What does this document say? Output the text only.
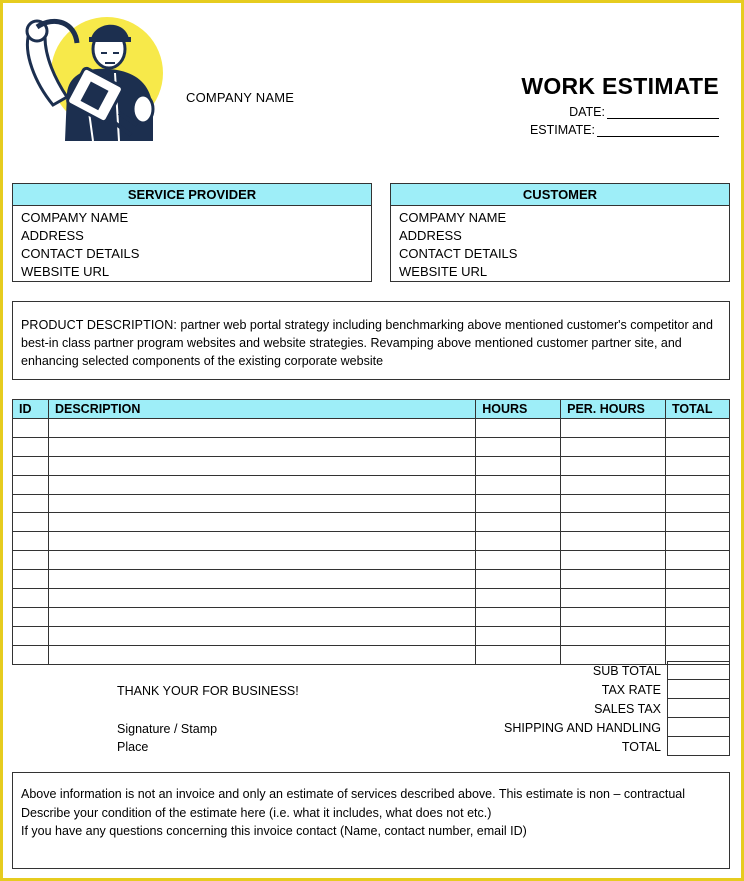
COMPANY NAME	WORK ESTIMATE
DATE:
ESTIMATE:
SERVICE PROVIDER
COMPAMY NAME
ADDRESS
CONTACT DETAILS
WEBSITE URL
CUSTOMER
COMPAMY NAME
ADDRESS
CONTACT DETAILS
WEBSITE URL
PRODUCT DESCRIPTION: partner web portal strategy including benchmarking above mentioned customer's competitor and best-in class partner program websites and website strategies. Revamping above mentioned customer partner site, and enhancing selected components of the existing corporate website
ID	DESCRIPTION	HOURS	PER. HOURS	TOTAL

THANK YOUR FOR BUSINESS!
Signature / Stamp
Place
SUB TOTAL
TAX RATE
SALES TAX
SHIPPING AND HANDLING
TOTAL
Above information is not an invoice and only an estimate of services described above. This estimate is non – contractual
Describe your condition of the estimate here (i.e. what it includes, what does not etc.)
If you have any questions concerning this invoice contact (Name, contact number, email ID)
